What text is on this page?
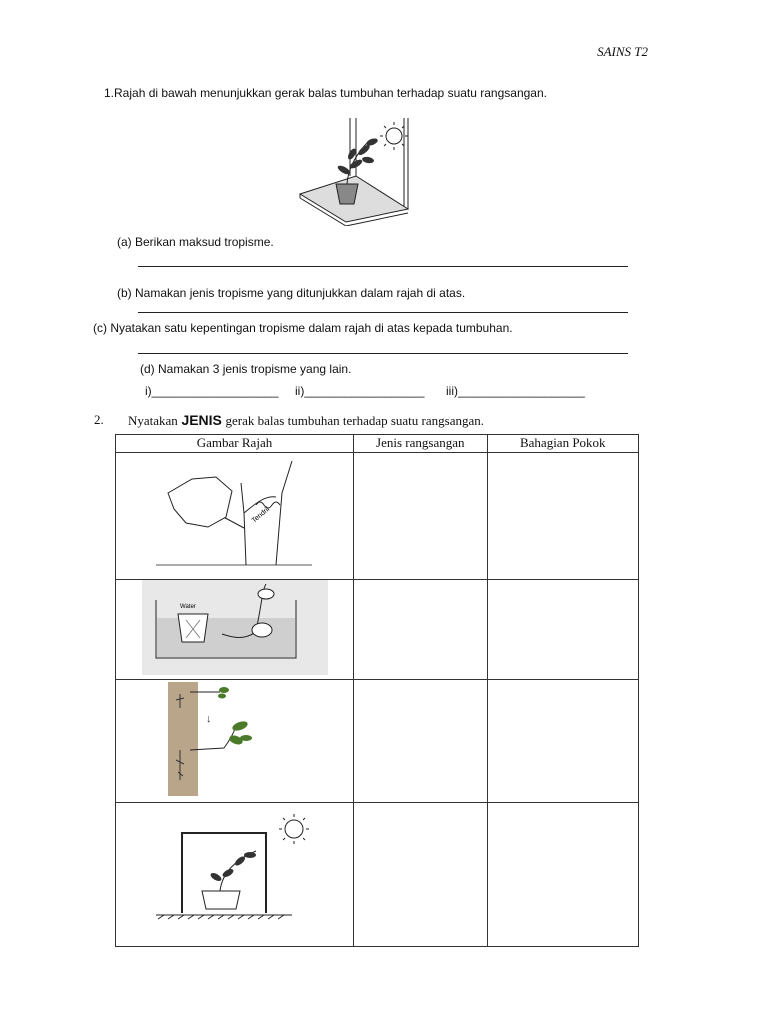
SAINS T2
1.Rajah di bawah menunjukkan gerak balas tumbuhan terhadap suatu rangsangan.
(a) Berikan maksud tropisme.
(b) Namakan jenis tropisme yang ditunjukkan dalam rajah di atas.
(c) Nyatakan satu kepentingan tropisme dalam rajah di atas kepada tumbuhan.
(d) Namakan 3 jenis tropisme yang lain.
i)___________________ ii)__________________ iii)___________________
2. Nyatakan JENIS gerak balas tumbuhan terhadap suatu rangsangan.
Gambar Rajah	Jenis rangsangan	Bahagian Pokok

Tendril		

Water		

↓		
